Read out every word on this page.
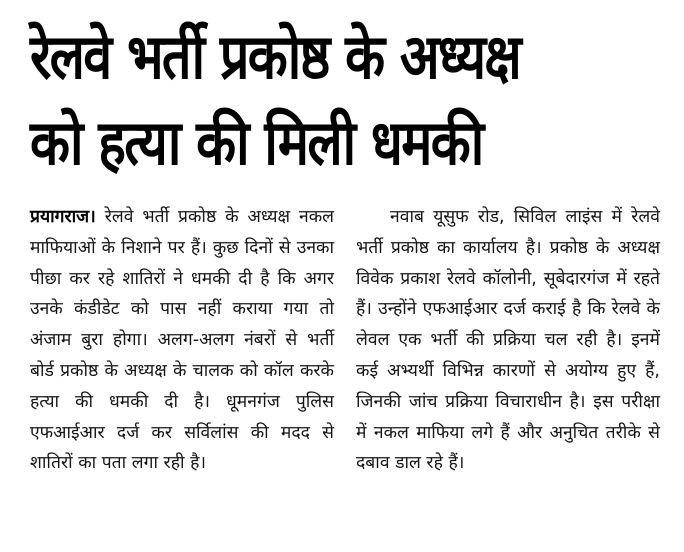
रेलवे भर्ती प्रकोष्ठ के अध्यक्ष
को हत्या की मिली धमकी

प्रयागराज। रेलवे भर्ती प्रकोष्ठ के अध्यक्ष नकल माफियाओं के निशाने पर हैं। कुछ दिनों से उनका पीछा कर रहे शातिरों ने धमकी दी है कि अगर उनके कंडीडेट को पास नहीं कराया गया तो अंजाम बुरा होगा। अलग-अलग नंबरों से भर्ती बोर्ड प्रकोष्ठ के अध्यक्ष के चालक को कॉल करके हत्या की धमकी दी है। धूमनगंज पुलिस एफआईआर दर्ज कर सर्विलांस की मदद से शातिरों का पता लगा रही है।

नवाब यूसुफ रोड, सिविल लाइंस में रेलवे भर्ती प्रकोष्ठ का कार्यालय है। प्रकोष्ठ के अध्यक्ष विवेक प्रकाश रेलवे कॉलोनी, सूबेदारगंज में रहते हैं। उन्होंने एफआईआर दर्ज कराई है कि रेलवे के लेवल एक भर्ती की प्रक्रिया चल रही है। इनमें कई अभ्यर्थी विभिन्न कारणों से अयोग्य हुए हैं, जिनकी जांच प्रक्रिया विचाराधीन है। इस परीक्षा में नकल माफिया लगे हैं और अनुचित तरीके से दबाव डाल रहे हैं।
